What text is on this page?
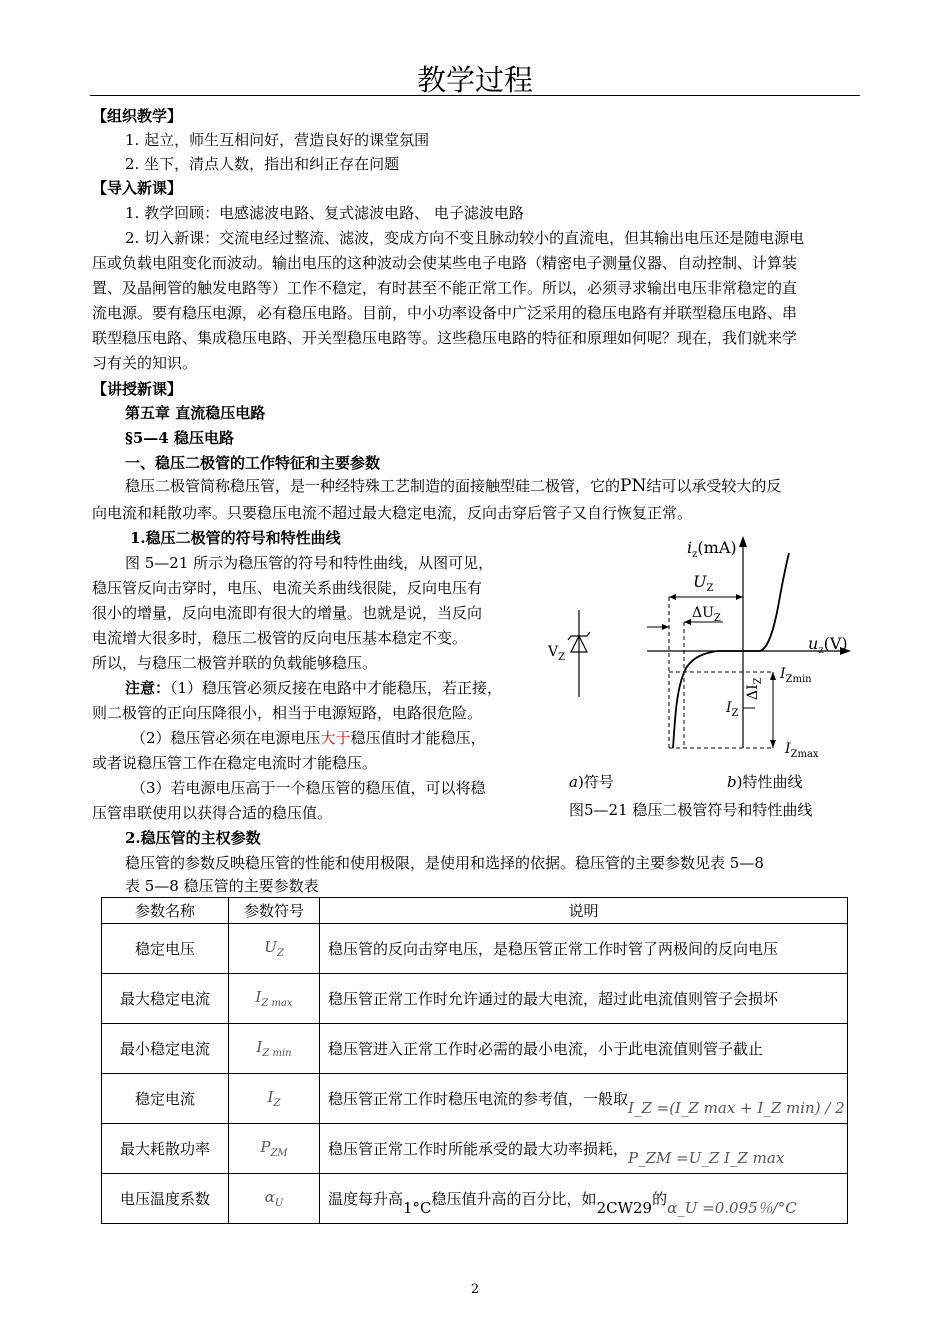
教学过程
【组织教学】
1. 起立，师生互相问好，营造良好的课堂氛围
2. 坐下，清点人数，指出和纠正存在问题
【导入新课】
1. 教学回顾：电感滤波电路、复式滤波电路、 电子滤波电路
2. 切入新课：交流电经过整流、滤波，变成方向不变且脉动较小的直流电，但其输出电压还是随电源电
压或负载电阻变化而波动。输出电压的这种波动会使某些电子电路（精密电子测量仪器、自动控制、计算装
置、及晶闸管的触发电路等）工作不稳定，有时甚至不能正常工作。所以，必须寻求输出电压非常稳定的直
流电源。要有稳压电源，必有稳压电路。目前，中小功率设备中广泛采用的稳压电路有并联型稳压电路、串
联型稳压电路、集成稳压电路、开关型稳压电路等。这些稳压电路的特征和原理如何呢？现在，我们就来学
习有关的知识。
【讲授新课】
第五章 直流稳压电路
§5—4 稳压电路
一、稳压二极管的工作特征和主要参数
稳压二极管简称稳压管，是一种经特殊工艺制造的面接触型硅二极管，它的PN结可以承受较大的反
向电流和耗散功率。只要稳压电流不超过最大稳定电流，反向击穿后管子又自行恢复正常。
1.稳压二极管的符号和特性曲线
图 5—21 所示为稳压管的符号和特性曲线，从图可见，
稳压管反向击穿时，电压、电流关系曲线很陡，反向电压有
很小的增量，反向电流即有很大的增量。也就是说，当反向
电流增大很多时，稳压二极管的反向电压基本稳定不变。
所以，与稳压二极管并联的负载能够稳压。
注意：（1）稳压管必须反接在电路中才能稳压，若正接，
则二极管的正向压降很小，相当于电源短路，电路很危险。
（2）稳压管必须在电源电压大于稳压值时才能稳压，
或者说稳压管工作在稳定电流时才能稳压。
（3）若电源电压高于一个稳压管的稳压值，可以将稳
压管串联使用以获得合适的稳压值。
2.稳压管的主权参数
稳压管的参数反映稳压管的性能和使用极限，是使用和选择的依据。稳压管的主要参数见表 5—8
表 5—8 稳压管的主要参数表
$i_z(mA)$
$U_Z$
$\Delta U_Z$
$u_z(V)$
$V_Z$
$I_{Zmin}$
$I_Z$
$\Delta I_Z$
$I_{Zmax}$
a)符号	b)特性曲线
图5—21 稳压二极管符号和特性曲线
参数名称	参数符号	说明
稳定电压	$U_Z$	稳压管的反向击穿电压，是稳压管正常工作时管了两极间的反向电压
最大稳定电流	$I_{Z max}$	稳压管正常工作时允许通过的最大电流，超过此电流值则管子会损坏
最小稳定电流	$I_{Z min}$	稳压管进入正常工作时必需的最小电流，小于此电流值则管子截止
稳定电流	$I_Z$	稳压管正常工作时稳压电流的参考值，一般取I_Z =(I_Z max + I_Z min) / 2
最大耗散功率	$P_{ZM}$	稳压管正常工作时所能承受的最大功率损耗，P_ZM =U_Z I_Z max
电压温度系数	$\alpha_U$	温度每升高1°C稳压值升高的百分比，如2CW29的α_U =0.095％/°C
2
